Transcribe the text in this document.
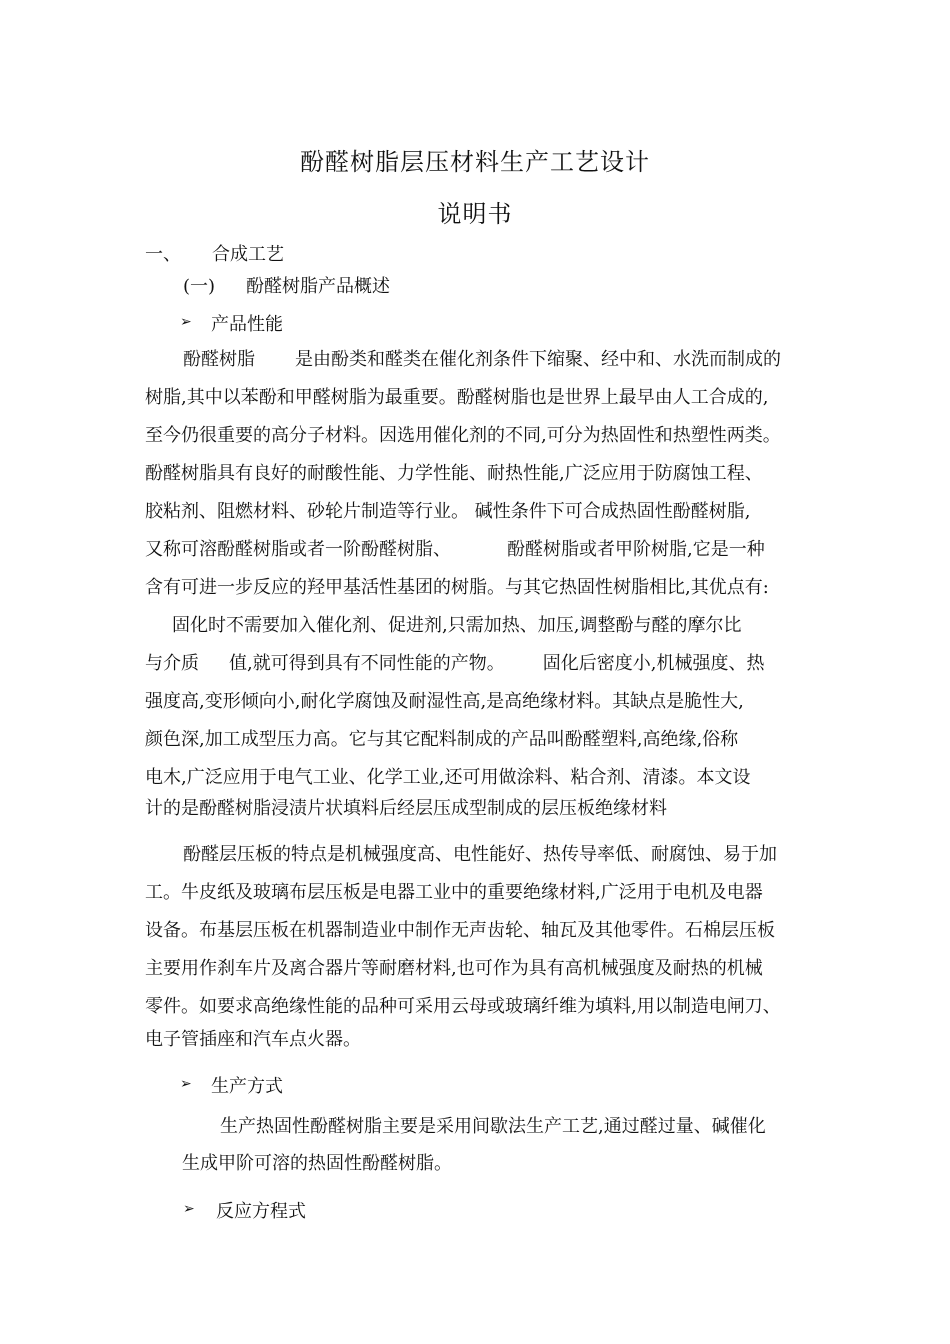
酚醛树脂层压材料生产工艺设计
说明书
一、 合成工艺
(一) 酚醛树脂产品概述
➢ 产品性能
酚醛树脂 是由酚类和醛类在催化剂条件下缩聚、经中和、水洗而制成的
树脂,其中以苯酚和甲醛树脂为最重要。酚醛树脂也是世界上最早由人工合成的,
至今仍很重要的高分子材料。因选用催化剂的不同,可分为热固性和热塑性两类。
酚醛树脂具有良好的耐酸性能、力学性能、耐热性能,广泛应用于防腐蚀工程、
胶粘剂、阻燃材料、砂轮片制造等行业。 碱性条件下可合成热固性酚醛树脂,
又称可溶酚醛树脂或者一阶酚醛树脂、	酚醛树脂或者甲阶树脂,它是一种
含有可进一步反应的羟甲基活性基团的树脂。与其它热固性树脂相比,其优点有:
固化时不需要加入催化剂、促进剂,只需加热、加压,调整酚与醛的摩尔比
与介质 值,就可得到具有不同性能的产物。 固化后密度小,机械强度、热
强度高,变形倾向小,耐化学腐蚀及耐湿性高,是高绝缘材料。其缺点是脆性大,
颜色深,加工成型压力高。它与其它配料制成的产品叫酚醛塑料,高绝缘,俗称
电木,广泛应用于电气工业、化学工业,还可用做涂料、粘合剂、清漆。本文设
计的是酚醛树脂浸渍片状填料后经层压成型制成的层压板绝缘材料
酚醛层压板的特点是机械强度高、电性能好、热传导率低、耐腐蚀、易于加
工。牛皮纸及玻璃布层压板是电器工业中的重要绝缘材料,广泛用于电机及电器
设备。布基层压板在机器制造业中制作无声齿轮、轴瓦及其他零件。石棉层压板
主要用作刹车片及离合器片等耐磨材料,也可作为具有高机械强度及耐热的机械
零件。如要求高绝缘性能的品种可采用云母或玻璃纤维为填料,用以制造电闸刀、
电子管插座和汽车点火器。
➢ 生产方式
生产热固性酚醛树脂主要是采用间歇法生产工艺,通过醛过量、碱催化
生成甲阶可溶的热固性酚醛树脂。
➢ 反应方程式
